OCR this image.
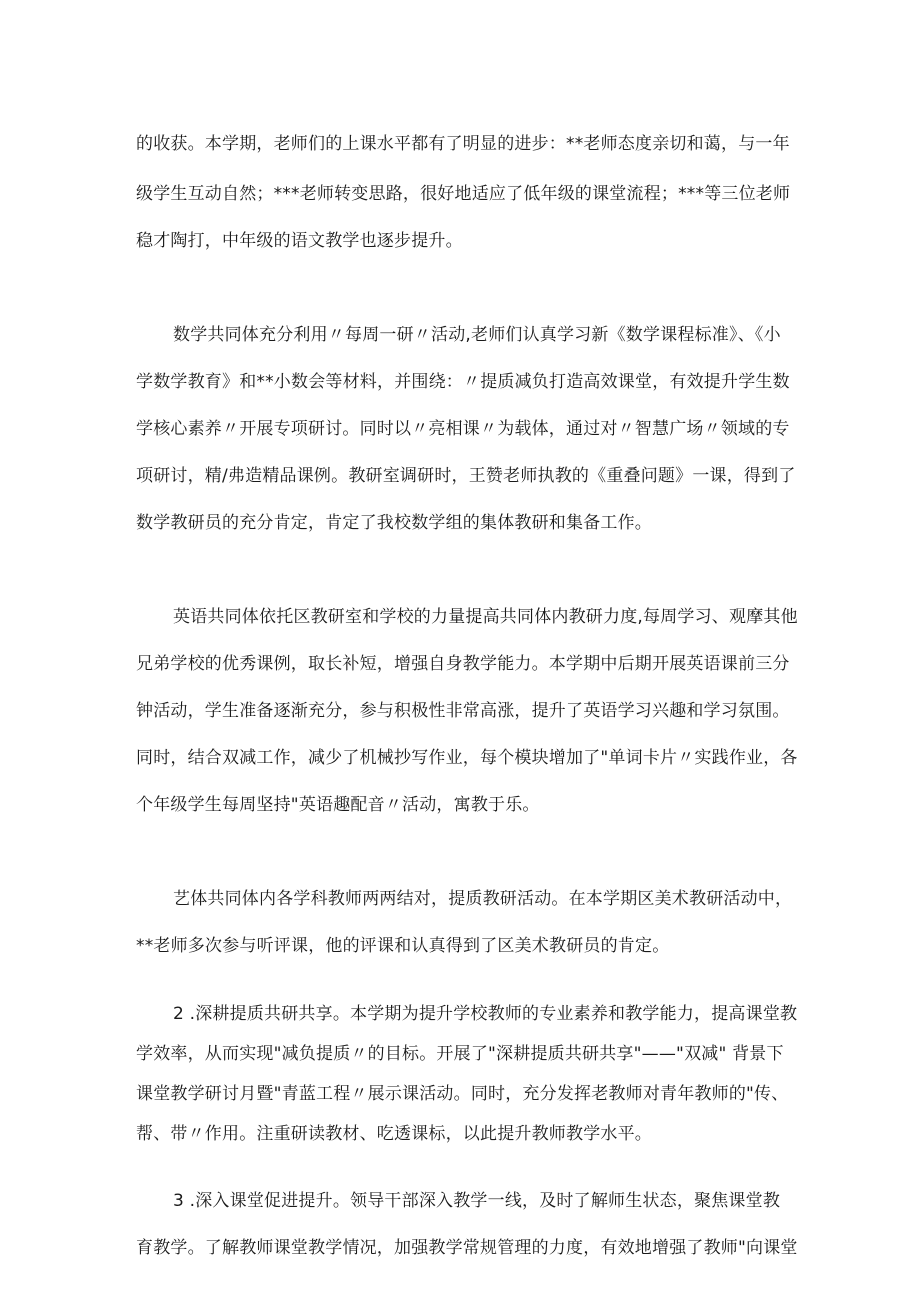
的收获。本学期，老师们的上课水平都有了明显的进步：**老师态度亲切和蔼，与一年
级学生互动自然；***老师转变思路，很好地适应了低年级的课堂流程；***等三位老师
稳才陶打，中年级的语文教学也逐步提升。
数学共同体充分利用〃每周一研〃活动,老师们认真学习新《数学课程标准》、《小
学数学教育》和**小数会等材料，并围绕：〃提质减负打造高效课堂，有效提升学生数
学核心素养〃开展专项研讨。同时以〃亮相课〃为载体，通过对〃智慧广场〃领域的专
项研讨，精/弗造精品课例。教研室调研时，王赞老师执教的《重叠问题》一课，得到了
数学教研员的充分肯定，肯定了我校数学组的集体教研和集备工作。
英语共同体依托区教研室和学校的力量提高共同体内教研力度,每周学习、观摩其他
兄弟学校的优秀课例，取长补短，增强自身教学能力。本学期中后期开展英语课前三分
钟活动，学生准备逐渐充分，参与积极性非常高涨，提升了英语学习兴趣和学习氛围。
同时，结合双减工作，减少了机械抄写作业，每个模块增加了"单词卡片〃实践作业，各
个年级学生每周坚持"英语趣配音〃活动，寓教于乐。
艺体共同体内各学科教师两两结对，提质教研活动。在本学期区美术教研活动中，
**老师多次参与听评课，他的评课和认真得到了区美术教研员的肯定。
2 .深耕提质共研共享。本学期为提升学校教师的专业素养和教学能力，提高课堂教
学效率，从而实现"减负提质〃的目标。开展了"深耕提质共研共享"——"双减" 背景下
课堂教学研讨月暨"青蓝工程〃展示课活动。同时，充分发挥老教师对青年教师的"传、
帮、带〃作用。注重研读教材、吃透课标，以此提升教师教学水平。
3 .深入课堂促进提升。领导干部深入教学一线，及时了解师生状态，聚焦课堂教
育教学。了解教师课堂教学情况，加强教学常规管理的力度，有效地增强了教师"向课堂
